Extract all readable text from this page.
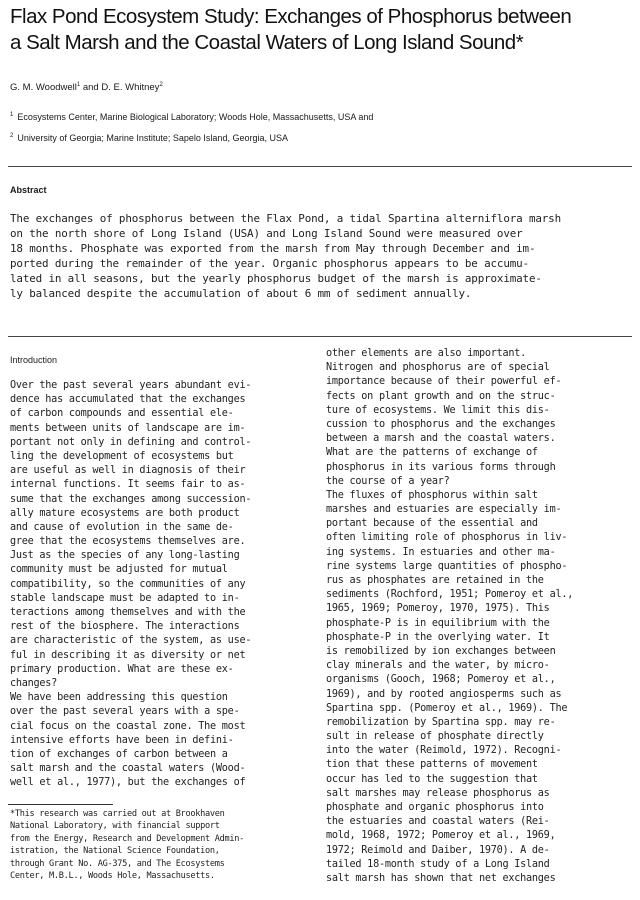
Flax Pond Ecosystem Study: Exchanges of Phosphorus between
a Salt Marsh and the Coastal Waters of Long Island Sound*
G. M. Woodwell$^1$ and D. E. Whitney$^2$
$^1$ Ecosystems Center, Marine Biological Laboratory; Woods Hole, Massachusetts, USA and
$^2$ University of Georgia; Marine Institute; Sapelo Island, Georgia, USA
Abstract

The exchanges of phosphorus between the Flax Pond, a tidal Spartina alterniflora marsh
on the north shore of Long Island (USA) and Long Island Sound were measured over
18 months. Phosphate was exported from the marsh from May through December and im-
ported during the remainder of the year. Organic phosphorus appears to be accumu-
lated in all seasons, but the yearly phosphorus budget of the marsh is approximate-
ly balanced despite the accumulation of about 6 mm of sediment annually.

Introduction
Over the past several years abundant evi-
dence has accumulated that the exchanges
of carbon compounds and essential ele-
ments between units of landscape are im-
portant not only in defining and control-
ling the development of ecosystems but
are useful as well in diagnosis of their
internal functions. It seems fair to as-
sume that the exchanges among succession-
ally mature ecosystems are both product
and cause of evolution in the same de-
gree that the ecosystems themselves are.
Just as the species of any long-lasting
community must be adjusted for mutual
compatibility, so the communities of any
stable landscape must be adapted to in-
teractions among themselves and with the
rest of the biosphere. The interactions
are characteristic of the system, as use-
ful in describing it as diversity or net
primary production. What are these ex-
changes?
We have been addressing this question
over the past several years with a spe-
cial focus on the coastal zone. The most
intensive efforts have been in defini-
tion of exchanges of carbon between a
salt marsh and the coastal waters (Wood-
well et al., 1977), but the exchanges of
other elements are also important.
Nitrogen and phosphorus are of special
importance because of their powerful ef-
fects on plant growth and on the struc-
ture of ecosystems. We limit this dis-
cussion to phosphorus and the exchanges
between a marsh and the coastal waters.
What are the patterns of exchange of
phosphorus in its various forms through
the course of a year?
The fluxes of phosphorus within salt
marshes and estuaries are especially im-
portant because of the essential and
often limiting role of phosphorus in liv-
ing systems. In estuaries and other ma-
rine systems large quantities of phospho-
rus as phosphates are retained in the
sediments (Rochford, 1951; Pomeroy et al.,
1965, 1969; Pomeroy, 1970, 1975). This
phosphate-P is in equilibrium with the
phosphate-P in the overlying water. It
is remobilized by ion exchanges between
clay minerals and the water, by micro-
organisms (Gooch, 1968; Pomeroy et al.,
1969), and by rooted angiosperms such as
Spartina spp. (Pomeroy et al., 1969). The
remobilization by Spartina spp. may re-
sult in release of phosphate directly
into the water (Reimold, 1972). Recogni-
tion that these patterns of movement
occur has led to the suggestion that
salt marshes may release phosphorus as
phosphate and organic phosphorus into
the estuaries and coastal waters (Rei-
mold, 1968, 1972; Pomeroy et al., 1969,
1972; Reimold and Daiber, 1970). A de-
tailed 18-month study of a Long Island
salt marsh has shown that net exchanges
*This research was carried out at Brookhaven
National Laboratory, with financial support
from the Energy, Research and Development Admin-
istration, the National Science Foundation,
through Grant No. AG-375, and The Ecosystems
Center, M.B.L., Woods Hole, Massachusetts.
